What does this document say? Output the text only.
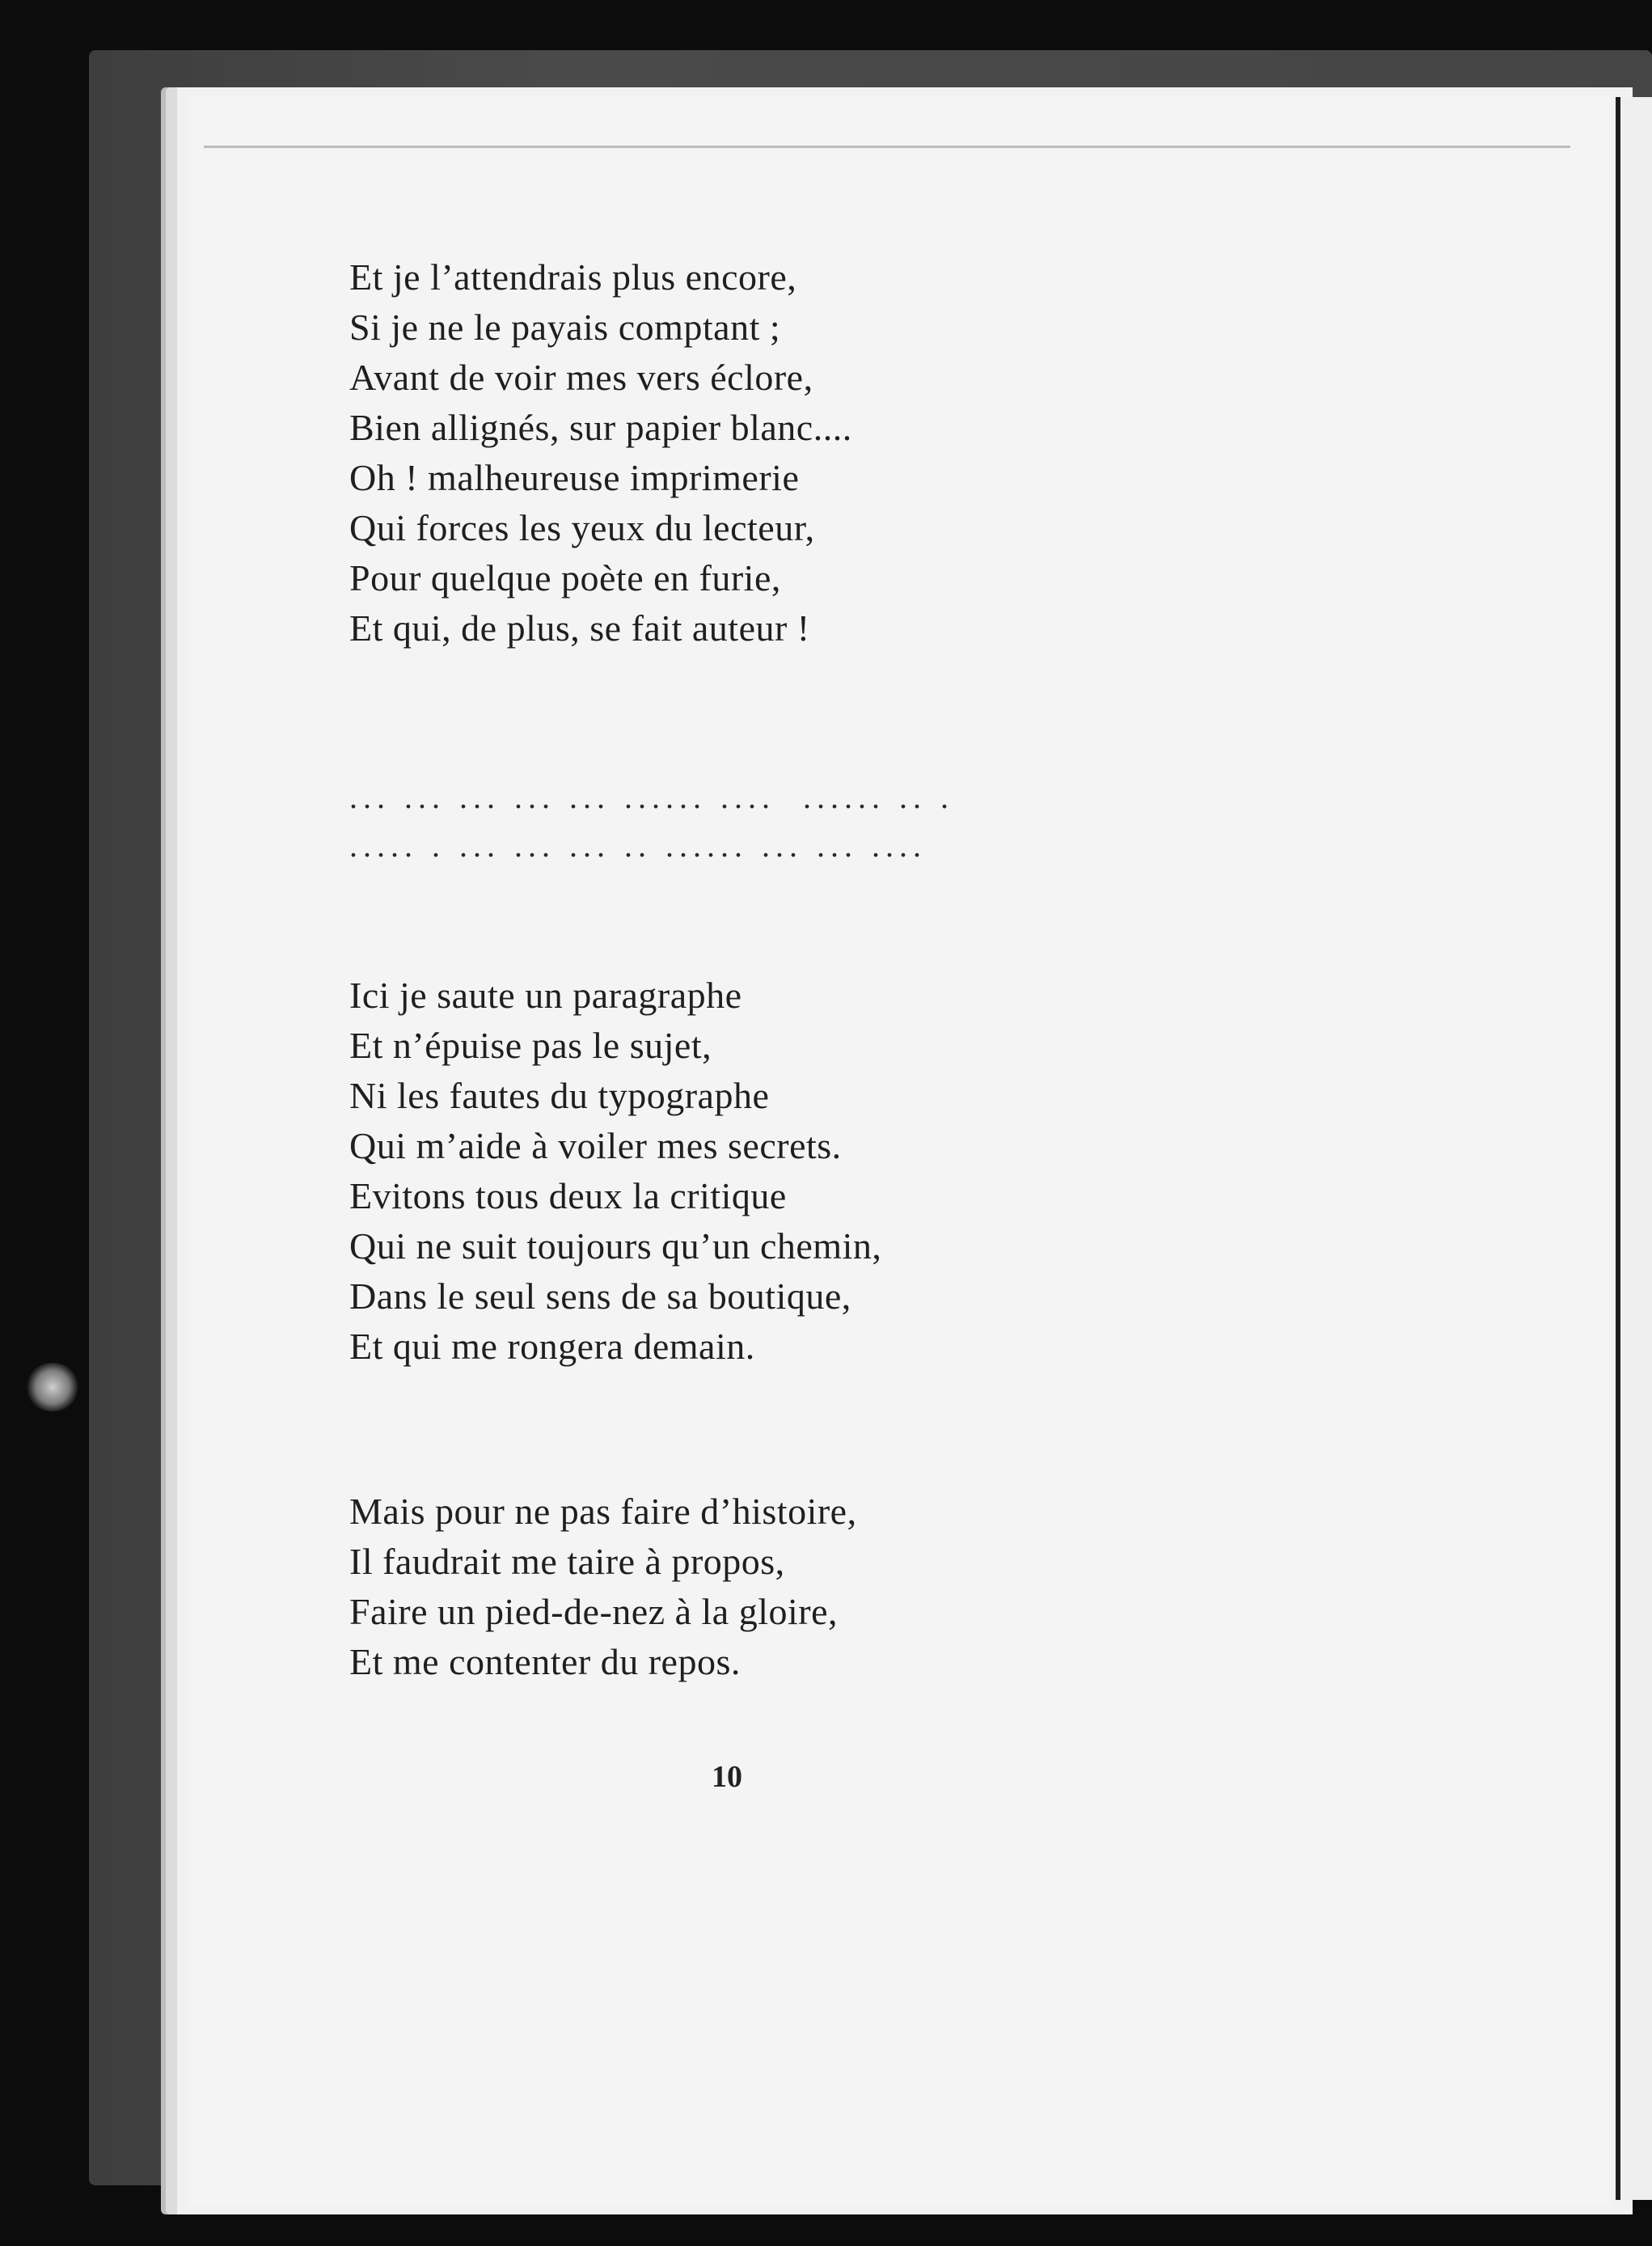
Et je l’attendrais plus encore,
Si je ne le payais comptant ;
Avant de voir mes vers éclore,
Bien allignés, sur papier blanc....
Oh ! malheureuse imprimerie
Qui forces les yeux du lecteur,
Pour quelque poète en furie,
Et qui, de plus, se fait auteur !
... ... ... ... ... ...... ....  ...... .. .
..... . ... ... ... .. ...... ... ... ....
Ici je saute un paragraphe
Et n’épuise pas le sujet,
Ni les fautes du typographe
Qui m’aide à voiler mes secrets.
Evitons tous deux la critique
Qui ne suit toujours qu’un chemin,
Dans le seul sens de sa boutique,
Et qui me rongera demain.
Mais pour ne pas faire d’histoire,
Il faudrait me taire à propos,
Faire un pied-de-nez à la gloire,
Et me contenter du repos.
10
